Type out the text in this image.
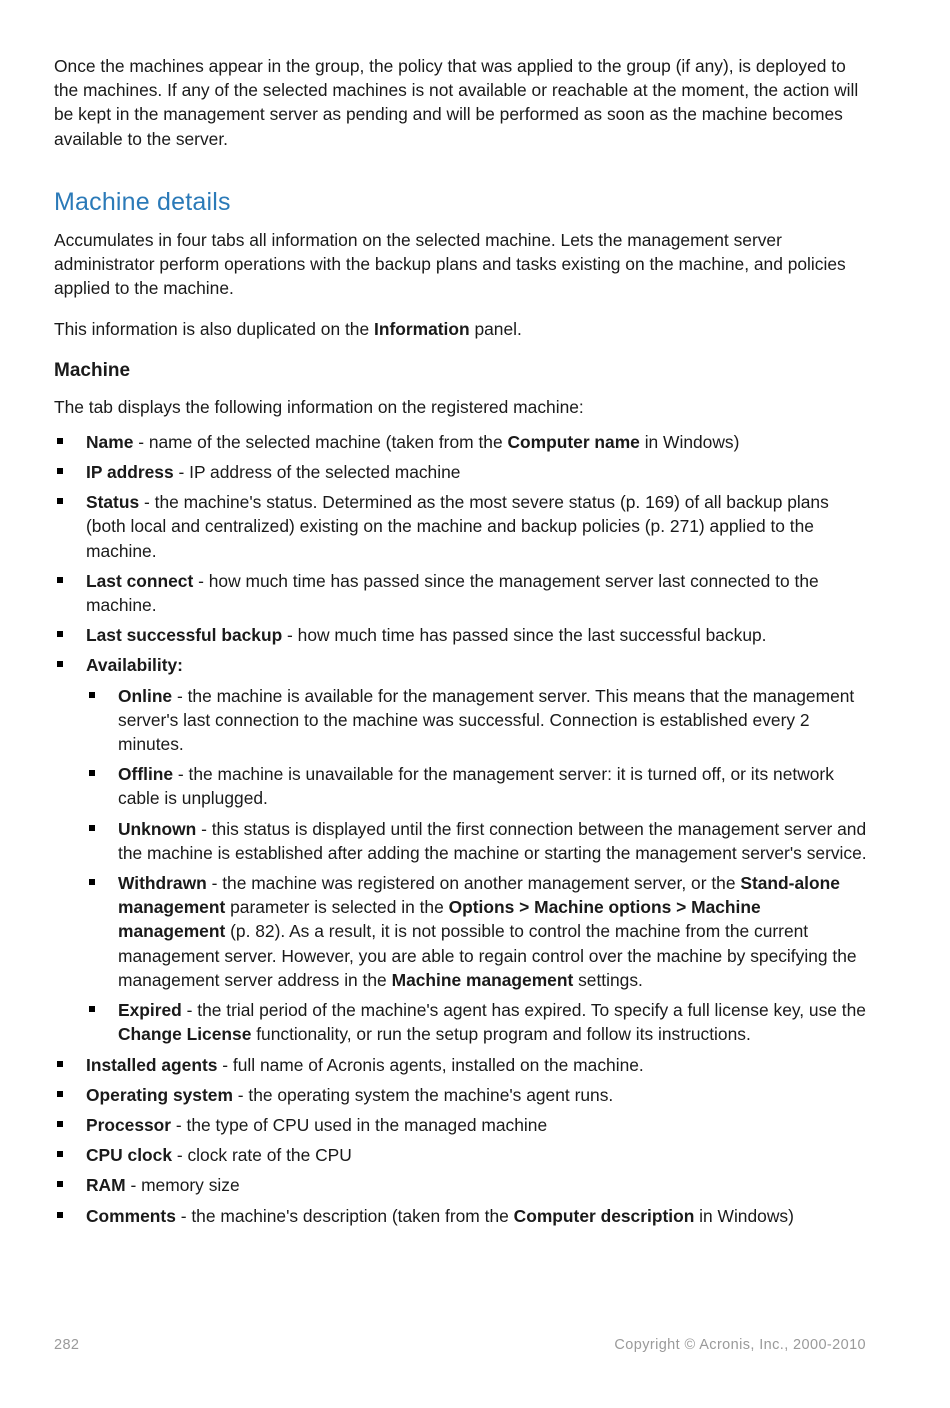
Once the machines appear in the group, the policy that was applied to the group (if any), is deployed to the machines. If any of the selected machines is not available or reachable at the moment, the action will be kept in the management server as pending and will be performed as soon as the machine becomes available to the server.

Machine details

Accumulates in four tabs all information on the selected machine. Lets the management server administrator perform operations with the backup plans and tasks existing on the machine, and policies applied to the machine.

This information is also duplicated on the Information panel.

Machine

The tab displays the following information on the registered machine:

Name - name of the selected machine (taken from the Computer name in Windows)
IP address - IP address of the selected machine
Status - the machine's status. Determined as the most severe status (p. 169) of all backup plans (both local and centralized) existing on the machine and backup policies (p. 271) applied to the machine.
Last connect - how much time has passed since the management server last connected to the machine.
Last successful backup - how much time has passed since the last successful backup.
Availability:
Online - the machine is available for the management server. This means that the management server's last connection to the machine was successful. Connection is established every 2 minutes.
Offline - the machine is unavailable for the management server: it is turned off, or its network cable is unplugged.
Unknown - this status is displayed until the first connection between the management server and the machine is established after adding the machine or starting the management server's service.
Withdrawn - the machine was registered on another management server, or the Stand-alone management parameter is selected in the Options > Machine options > Machine management (p. 82). As a result, it is not possible to control the machine from the current management server. However, you are able to regain control over the machine by specifying the management server address in the Machine management settings.
Expired - the trial period of the machine's agent has expired. To specify a full license key, use the Change License functionality, or run the setup program and follow its instructions.
Installed agents - full name of Acronis agents, installed on the machine.
Operating system - the operating system the machine's agent runs.
Processor - the type of CPU used in the managed machine
CPU clock - clock rate of the CPU
RAM - memory size
Comments - the machine's description (taken from the Computer description in Windows)
282	Copyright © Acronis, Inc., 2000-2010
